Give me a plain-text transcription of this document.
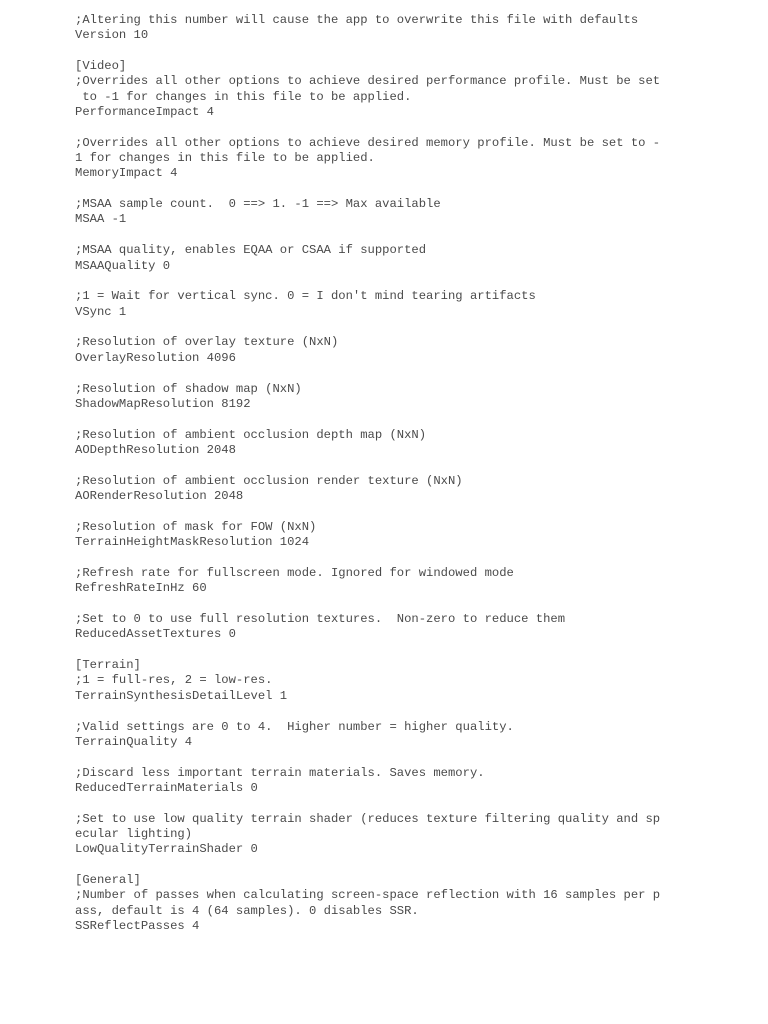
;Altering this number will cause the app to overwrite this file with defaults
Version 10
[Video]
;Overrides all other options to achieve desired performance profile. Must be set
to -1 for changes in this file to be applied.
PerformanceImpact 4
;Overrides all other options to achieve desired memory profile. Must be set to -
1 for changes in this file to be applied.
MemoryImpact 4
;MSAA sample count.  0 ==> 1. -1 ==> Max available
MSAA -1
;MSAA quality, enables EQAA or CSAA if supported
MSAAQuality 0
;1 = Wait for vertical sync. 0 = I don't mind tearing artifacts
VSync 1
;Resolution of overlay texture (NxN)
OverlayResolution 4096
;Resolution of shadow map (NxN)
ShadowMapResolution 8192
;Resolution of ambient occlusion depth map (NxN)
AODepthResolution 2048
;Resolution of ambient occlusion render texture (NxN)
AORenderResolution 2048
;Resolution of mask for FOW (NxN)
TerrainHeightMaskResolution 1024
;Refresh rate for fullscreen mode. Ignored for windowed mode
RefreshRateInHz 60
;Set to 0 to use full resolution textures.  Non-zero to reduce them
ReducedAssetTextures 0
[Terrain]
;1 = full-res, 2 = low-res.
TerrainSynthesisDetailLevel 1
;Valid settings are 0 to 4.  Higher number = higher quality.
TerrainQuality 4
;Discard less important terrain materials. Saves memory.
ReducedTerrainMaterials 0
;Set to use low quality terrain shader (reduces texture filtering quality and sp
ecular lighting)
LowQualityTerrainShader 0
[General]
;Number of passes when calculating screen-space reflection with 16 samples per p
ass, default is 4 (64 samples). 0 disables SSR.
SSReflectPasses 4
